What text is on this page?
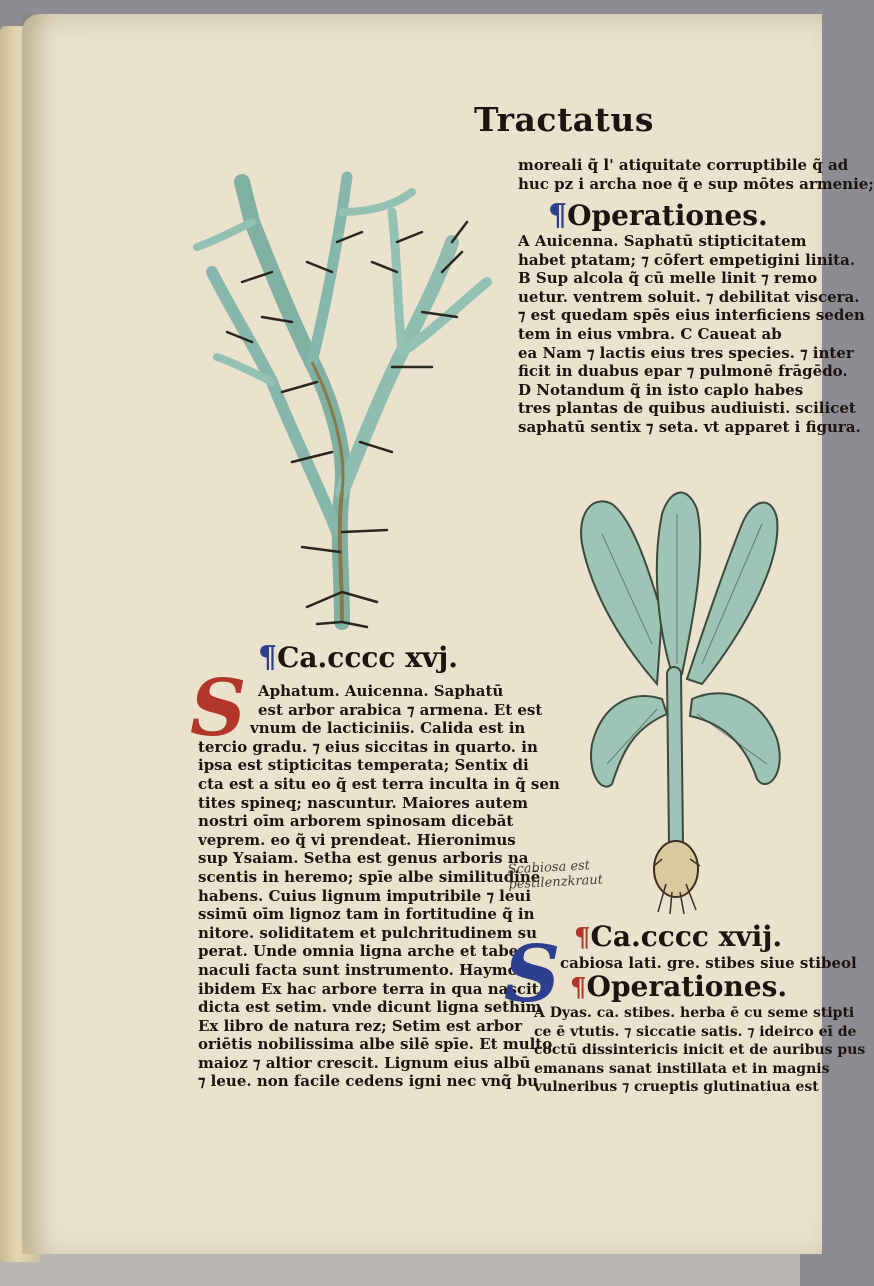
Tractatus
moreali q̃ l' atiquitate corruptibile q̃ ad
huc pz i archa noe q̃ e sup mōtes armenie;
¶Operationes.
A Auicenna. Saphatū stipticitatem
habet ptatam; ⁊ cōfert empetigini linita.
B Sup alcola q̃ cū melle linit ⁊ remo
uetur. ventrem soluit. ⁊ debilitat viscera.
⁊ est quedam spēs eius interficiens seden
tem in eius vmbra. C Caueat ab
ea Nam ⁊ lactis eius tres species. ⁊ inter
ficit in duabus epar ⁊ pulmonē frāgēdo.
D Notandum q̃ in isto caplo habes
tres plantas de quibus audiuisti. scilicet
saphatū sentix ⁊ seta. vt apparet i figura.
¶Ca.cccc xvj.
S Aphatum. Auicenna. Saphatū
est arbor arabica ⁊ armena. Et est
vnum de lacticiniis. Calida est in
tercio gradu. ⁊ eius siccitas in quarto. in
ipsa est stipticitas temperata; Sentix di
cta est a situ eo q̃ est terra inculta in q̃ sen
tites spineq; nascuntur. Maiores autem
nostri oīm arborem spinosam dicebāt
veprem. eo q̃ vi prendeat. Hieronimus
sup Ysaiam. Setha est genus arboris na
scentis in heremo; spīe albe similitudinē
habens. Cuius lignum imputribile ⁊ leui
ssimū oīm lignoz tam in fortitudine q̃ in
nitore. soliditatem et pulchritudinem su
perat. Unde omnia ligna arche et taber
naculi facta sunt instrumento. Haymo
ibidem Ex hac arbore terra in qua nascit
dicta est setim. vnde dicunt ligna sethim
Ex libro de natura rez; Setim est arbor
oriētis nobilissima albe silē spīe. Et multo
maioz ⁊ altior crescit. Lignum eius albū
⁊ leue. non facile cedens igni nec vnq̃ bu
Scabiosa est
pestilenzkraut
¶Ca.cccc xvij.
S cabiosa lati. gre. stibes siue stibeol
¶Operationes.
A Dyas. ca. stibes. herba ē cu seme stipti
ce ē vtutis. ⁊ siccatie satis. ⁊ ideirco eī de
coctū dissintericis inicit et de auribus pus
emanans sanat instillata et in magnis
vulneribus ⁊ crueptis glutinatiua est
